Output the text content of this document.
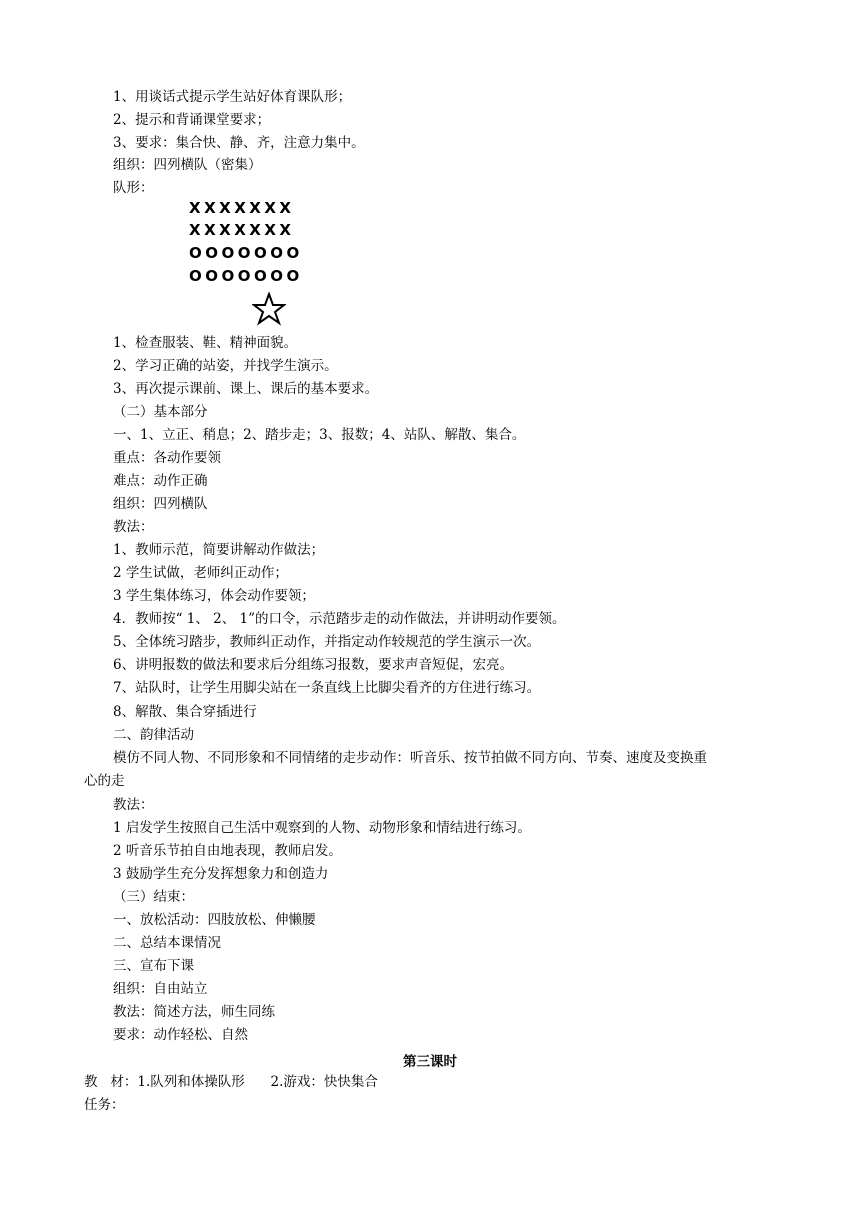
1、用谈话式提示学生站好体育课队形；
2、提示和背诵课堂要求；
3、要求：集合快、静、齐，注意力集中。
组织：四列横队（密集）
队形：
XXXXXXX
XXXXXXX
OOOOOOO
OOOOOOO
1、检查服装、鞋、精神面貌。
2、学习正确的站姿，并找学生演示。
3、再次提示课前、课上、课后的基本要求。
（二）基本部分
一、1、立正、稍息；2、踏步走；3、报数；4、站队、解散、集合。
重点：各动作要领
难点：动作正确
组织：四列横队
教法：
1、教师示范，简要讲解动作做法；
2 学生试做，老师纠正动作；
3 学生集体练习，体会动作要领；
4．教师按“ 1、 2、 1”的口令，示范踏步走的动作做法，并讲明动作要领。
5、全体统习踏步，教师纠正动作，并指定动作较规范的学生演示一次。
6、讲明报数的做法和要求后分组练习报数，要求声音短促，宏亮。
7、站队时，让学生用脚尖站在一条直线上比脚尖看齐的方住进行练习。
8、解散、集合穿插进行
二、韵律活动
模仿不同人物、不同形象和不同情绪的走步动作：听音乐、按节拍做不同方向、节奏、速度及变换重
心的走
教法：
1 启发学生按照自己生活中观察到的人物、动物形象和情结进行练习。
2 听音乐节拍自由地表现，教师启发。
3 鼓励学生充分发挥想象力和创造力
（三）结束：
一、放松活动：四肢放松、伸懒腰
二、总结本课情况
三、宣布下课
组织：自由站立
教法：简述方法，师生同练
要求：动作轻松、自然
第三课时
教   材：1.队列和体操队形      2.游戏：快快集合
任务：
